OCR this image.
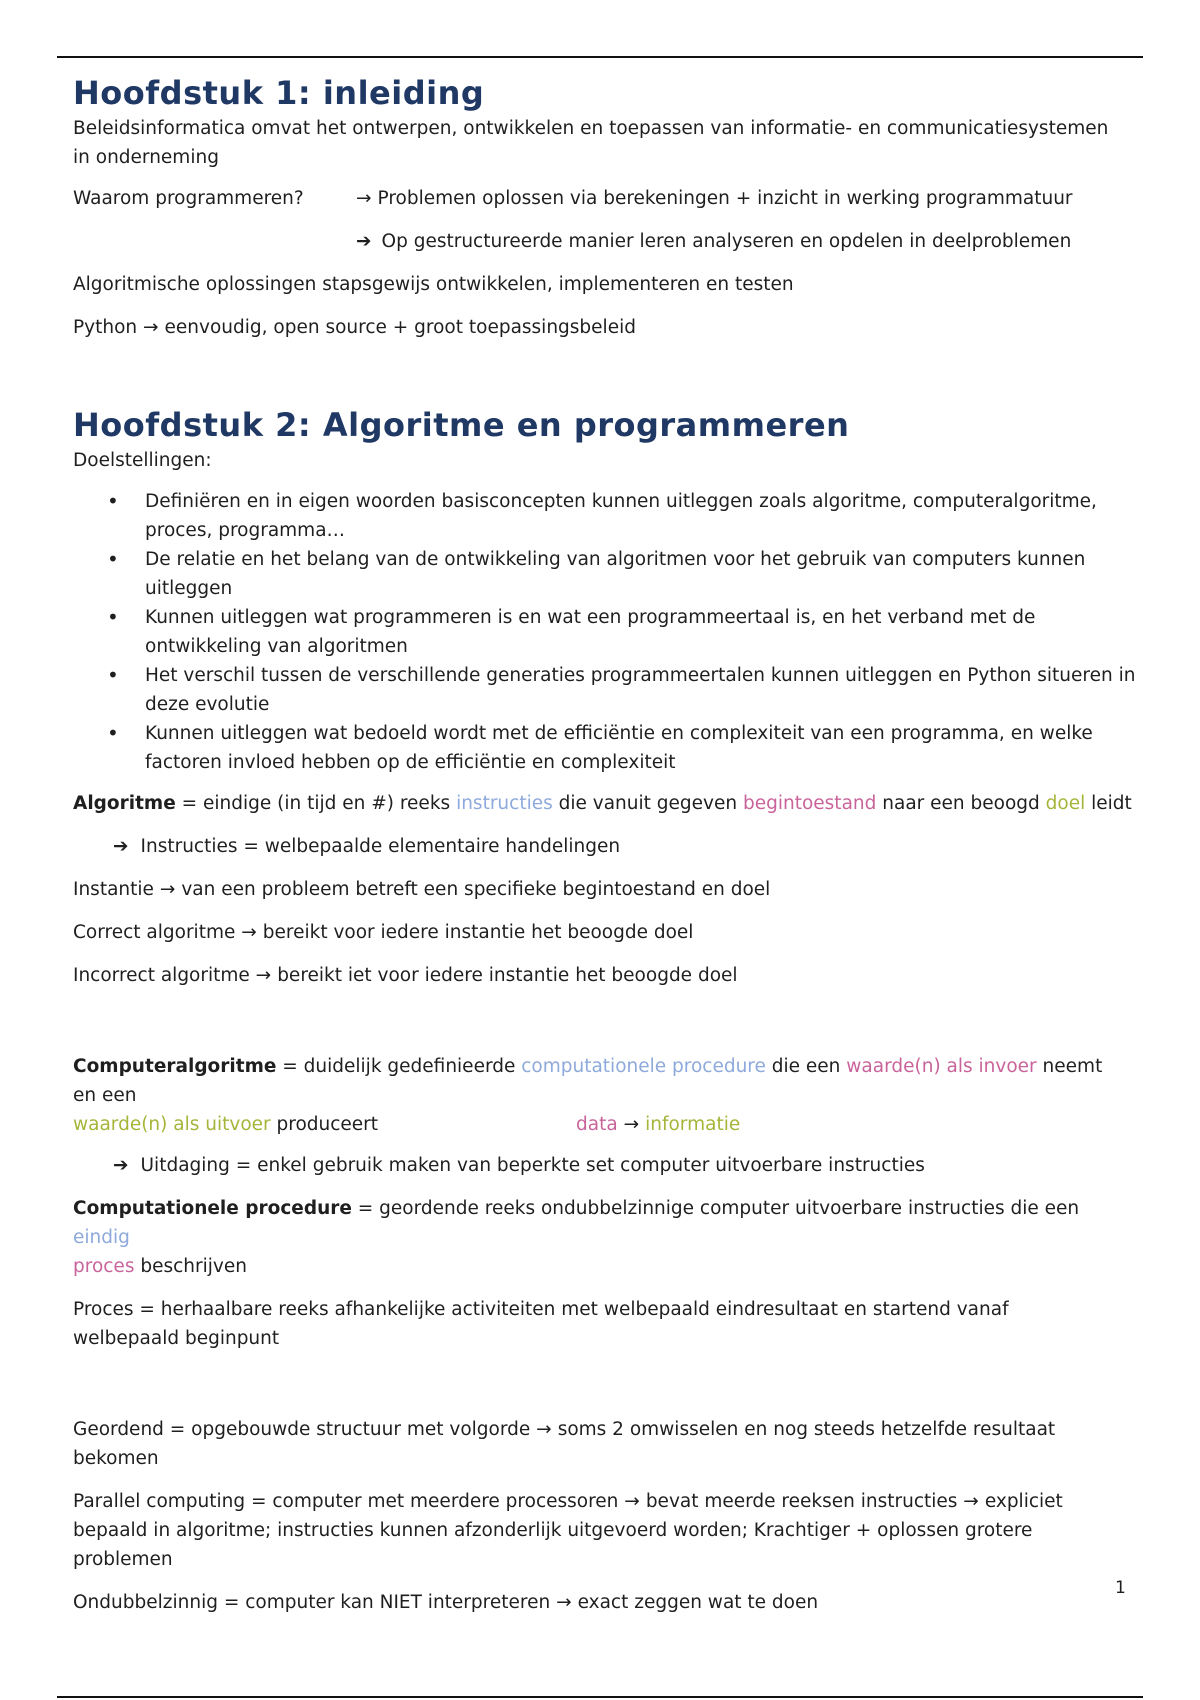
Hoofdstuk 1: inleiding

Beleidsinformatica omvat het ontwerpen, ontwikkelen en toepassen van informatie- en communicatiesystemen in onderneming

Waarom programmeren?	→ Problemen oplossen via berekeningen + inzicht in werking programmatuur
➔ Op gestructureerde manier leren analyseren en opdelen in deelproblemen

Algoritmische oplossingen stapsgewijs ontwikkelen, implementeren en testen

Python → eenvoudig, open source + groot toepassingsbeleid

Hoofdstuk 2: Algoritme en programmeren

Doelstellingen:

• Definiëren en in eigen woorden basisconcepten kunnen uitleggen zoals algoritme, computeralgoritme, proces, programma…
• De relatie en het belang van de ontwikkeling van algoritmen voor het gebruik van computers kunnen uitleggen
• Kunnen uitleggen wat programmeren is en wat een programmeertaal is, en het verband met de ontwikkeling van algoritmen
• Het verschil tussen de verschillende generaties programmeertalen kunnen uitleggen en Python situeren in deze evolutie
• Kunnen uitleggen wat bedoeld wordt met de efficiëntie en complexiteit van een programma, en welke factoren invloed hebben op de efficiëntie en complexiteit

Algoritme = eindige (in tijd en #) reeks instructies die vanuit gegeven begintoestand naar een beoogd doel leidt

➔ Instructies = welbepaalde elementaire handelingen

Instantie → van een probleem betreft een specifieke begintoestand en doel

Correct algoritme → bereikt voor iedere instantie het beoogde doel

Incorrect algoritme → bereikt iet voor iedere instantie het beoogde doel

Computeralgoritme = duidelijk gedefinieerde computationele procedure die een waarde(n) als invoer neemt en een
waarde(n) als uitvoer produceert	data → informatie

➔ Uitdaging = enkel gebruik maken van beperkte set computer uitvoerbare instructies

Computationele procedure = geordende reeks ondubbelzinnige computer uitvoerbare instructies die een eindig
proces beschrijven

Proces = herhaalbare reeks afhankelijke activiteiten met welbepaald eindresultaat en startend vanaf welbepaald beginpunt

Geordend = opgebouwde structuur met volgorde → soms 2 omwisselen en nog steeds hetzelfde resultaat bekomen

Parallel computing = computer met meerdere processoren → bevat meerde reeksen instructies → expliciet bepaald in algoritme; instructies kunnen afzonderlijk uitgevoerd worden; Krachtiger + oplossen grotere problemen

Ondubbelzinnig = computer kan NIET interpreteren → exact zeggen wat te doen

1
